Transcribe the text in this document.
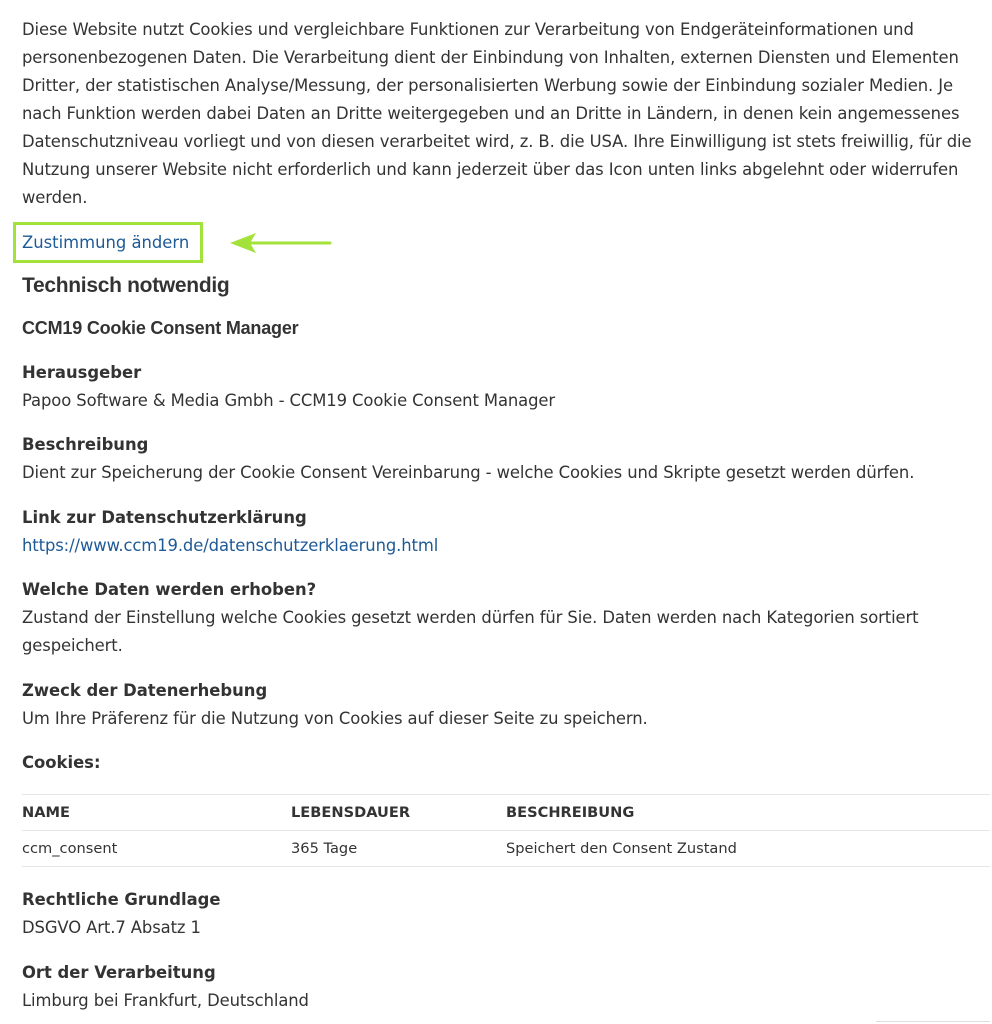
Diese Website nutzt Cookies und vergleichbare Funktionen zur Verarbeitung von Endgeräteinformationen und personenbezogenen Daten. Die Verarbeitung dient der Einbindung von Inhalten, externen Diensten und Elementen Dritter, der statistischen Analyse/Messung, der personalisierten Werbung sowie der Einbindung sozialer Medien. Je nach Funktion werden dabei Daten an Dritte weitergegeben und an Dritte in Ländern, in denen kein angemessenes Datenschutzniveau vorliegt und von diesen verarbeitet wird, z. B. die USA. Ihre Einwilligung ist stets freiwillig, für die Nutzung unserer Website nicht erforderlich und kann jederzeit über das Icon unten links abgelehnt oder widerrufen werden.

Zustimmung ändern
Technisch notwendig
CCM19 Cookie Consent Manager
Herausgeber
Papoo Software & Media Gmbh - CCM19 Cookie Consent Manager
Beschreibung
Dient zur Speicherung der Cookie Consent Vereinbarung - welche Cookies und Skripte gesetzt werden dürfen.
Link zur Datenschutzerklärung
https://www.ccm19.de/datenschutzerklaerung.html
Welche Daten werden erhoben?
Zustand der Einstellung welche Cookies gesetzt werden dürfen für Sie. Daten werden nach Kategorien sortiert gespeichert.
Zweck der Datenerhebung
Um Ihre Präferenz für die Nutzung von Cookies auf dieser Seite zu speichern.
Cookies:
NAME	LEBENSDAUER	BESCHREIBUNG
ccm_consent	365 Tage	Speichert den Consent Zustand
Rechtliche Grundlage
DSGVO Art.7 Absatz 1
Ort der Verarbeitung
Limburg bei Frankfurt, Deutschland
